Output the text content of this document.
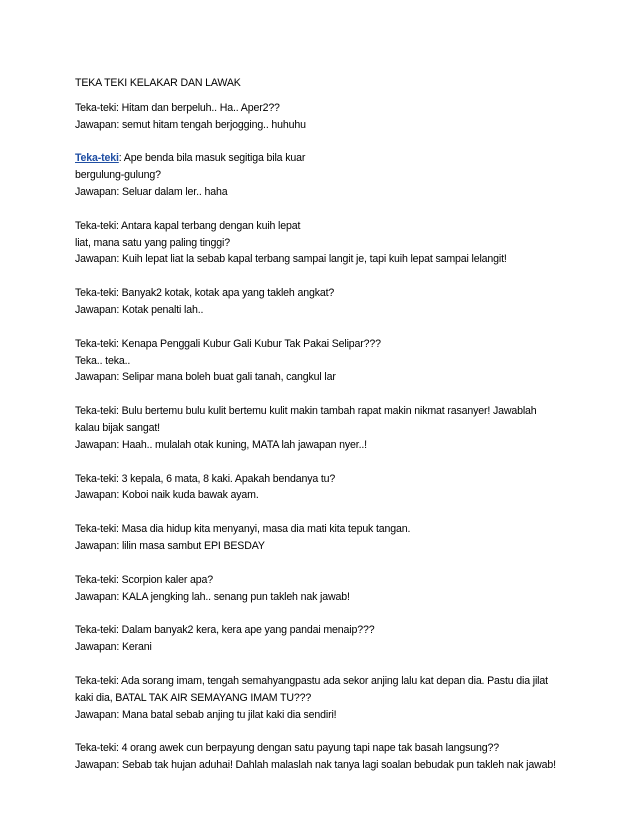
TEKA TEKI KELAKAR DAN LAWAK
Teka-teki: Hitam dan berpeluh.. Ha.. Aper2??
Jawapan: semut hitam tengah berjogging.. huhuhu
Teka-teki: Ape benda bila masuk segitiga bila kuar
bergulung-gulung?
Jawapan: Seluar dalam ler.. haha
Teka-teki: Antara kapal terbang dengan kuih lepat
liat, mana satu yang paling tinggi?
Jawapan: Kuih lepat liat la sebab kapal terbang sampai langit je, tapi kuih lepat sampai lelangit!
Teka-teki: Banyak2 kotak, kotak apa yang takleh angkat?
Jawapan: Kotak penalti lah..
Teka-teki: Kenapa Penggali Kubur Gali Kubur Tak Pakai Selipar???
Teka.. teka..
Jawapan: Selipar mana boleh buat gali tanah, cangkul lar
Teka-teki: Bulu bertemu bulu kulit bertemu kulit makin tambah rapat makin nikmat rasanyer! Jawablah
kalau bijak sangat!
Jawapan: Haah.. mulalah otak kuning, MATA lah jawapan nyer..!
Teka-teki: 3 kepala, 6 mata, 8 kaki. Apakah bendanya tu?
Jawapan: Koboi naik kuda bawak ayam.
Teka-teki: Masa dia hidup kita menyanyi, masa dia mati kita tepuk tangan.
Jawapan: lilin masa sambut EPI BESDAY
Teka-teki: Scorpion kaler apa?
Jawapan: KALA jengking lah.. senang pun takleh nak jawab!
Teka-teki: Dalam banyak2 kera, kera ape yang pandai menaip???
Jawapan: Kerani
Teka-teki: Ada sorang imam, tengah semahyangpastu ada sekor anjing lalu kat depan dia. Pastu dia jilat
kaki dia, BATAL TAK AIR SEMAYANG IMAM TU???
Jawapan: Mana batal sebab anjing tu jilat kaki dia sendiri!
Teka-teki: 4 orang awek cun berpayung dengan satu payung tapi nape tak basah langsung??
Jawapan: Sebab tak hujan aduhai! Dahlah malaslah nak tanya lagi soalan bebudak pun takleh nak jawab!
